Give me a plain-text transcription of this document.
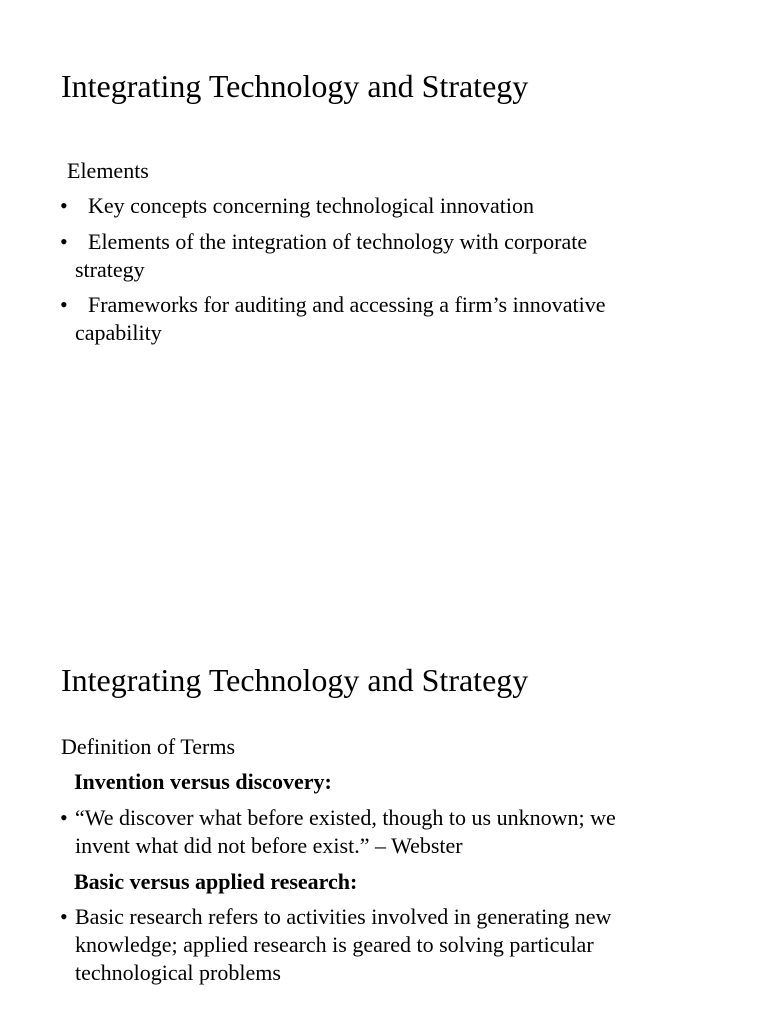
Integrating Technology and Strategy
Elements
• Key concepts concerning technological innovation
• Elements of the integration of technology with corporate
strategy
• Frameworks for auditing and accessing a firm’s innovative
capability
Integrating Technology and Strategy
Definition of Terms
Invention versus discovery:
• “We discover what before existed, though to us unknown; we
invent what did not before exist.” – Webster
Basic versus applied research:
• Basic research refers to activities involved in generating new
knowledge; applied research is geared to solving particular
technological problems
